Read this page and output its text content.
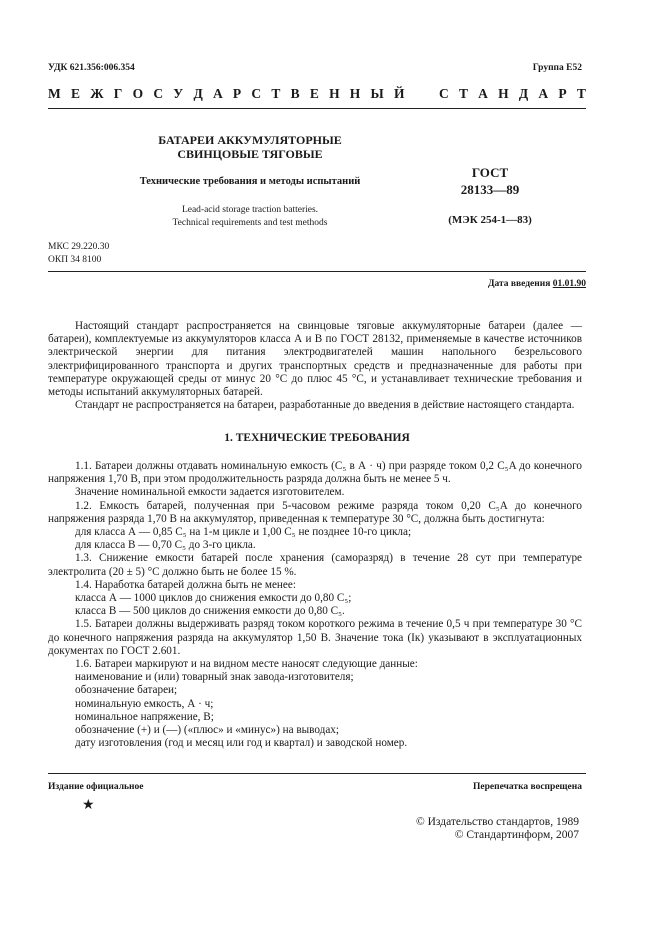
УДК 621.356:006.354	Группа Е52
М Е Ж Г О С У Д А Р С Т В Е Н Н Ы Й	С Т А Н Д А Р Т
БАТАРЕИ АККУМУЛЯТОРНЫЕ
СВИНЦОВЫЕ ТЯГОВЫЕ
Технические требования и методы испытаний
Lead-acid storage traction batteries.
Technical requirements and test methods
ГОСТ
28133—89
(МЭК 254-1—83)
МКС 29.220.30
ОКП 34 8100
Дата введения 01.01.90

Настоящий стандарт распространяется на свинцовые тяговые аккумуляторные батареи (далее — батареи), комплектуемые из аккумуляторов класса А и В по ГОСТ 28132, применяемые в качестве источников электрической энергии для питания электродвигателей машин напольного безрельсового электрифицированного транспорта и других транспортных средств и предназначенные для работы при температуре окружающей среды от минус 20 °С до плюс 45 °С, и устанавливает технические требования и методы испытаний аккумуляторных батарей.

Стандарт не распространяется на батареи, разработанные до введения в действие настоящего стандарта.

1. ТЕХНИЧЕСКИЕ ТРЕБОВАНИЯ

1.1. Батареи должны отдавать номинальную емкость (C₅ в А · ч) при разряде током 0,2 C₅A до конечного напряжения 1,70 В, при этом продолжительность разряда должна быть не менее 5 ч.

Значение номинальной емкости задается изготовителем.

1.2. Емкость батарей, полученная при 5-часовом режиме разряда током 0,20 C₅A до конечного напряжения разряда 1,70 В на аккумулятор, приведенная к температуре 30 °С, должна быть достигнута:

для класса А — 0,85 C₅ на 1-м цикле и 1,00 C₅ не позднее 10-го цикла;

для класса В — 0,70 C₅ до 3-го цикла.

1.3. Снижение емкости батарей после хранения (саморазряд) в течение 28 сут при температуре электролита (20 ± 5) °С должно быть не более 15 %.

1.4. Наработка батарей должна быть не менее:

класса А — 1000 циклов до снижения емкости до 0,80 C₅;

класса В — 500 циклов до снижения емкости до 0,80 C₅.

1.5. Батареи должны выдерживать разряд током короткого режима в течение 0,5 ч при температуре 30 °С до конечного напряжения разряда на аккумулятор 1,50 В. Значение тока (Iк) указывают в эксплуатационных документах по ГОСТ 2.601.

1.6. Батареи маркируют и на видном месте наносят следующие данные:

наименование и (или) товарный знак завода-изготовителя;

обозначение батареи;

номинальную емкость, А · ч;

номинальное напряжение, В;

обозначение (+) и (—) («плюс» и «минус») на выводах;

дату изготовления (год и месяц или год и квартал) и заводской номер.

Издание официальное	Перепечатка воспрещена
★
© Издательство стандартов, 1989
© Стандартинформ, 2007
